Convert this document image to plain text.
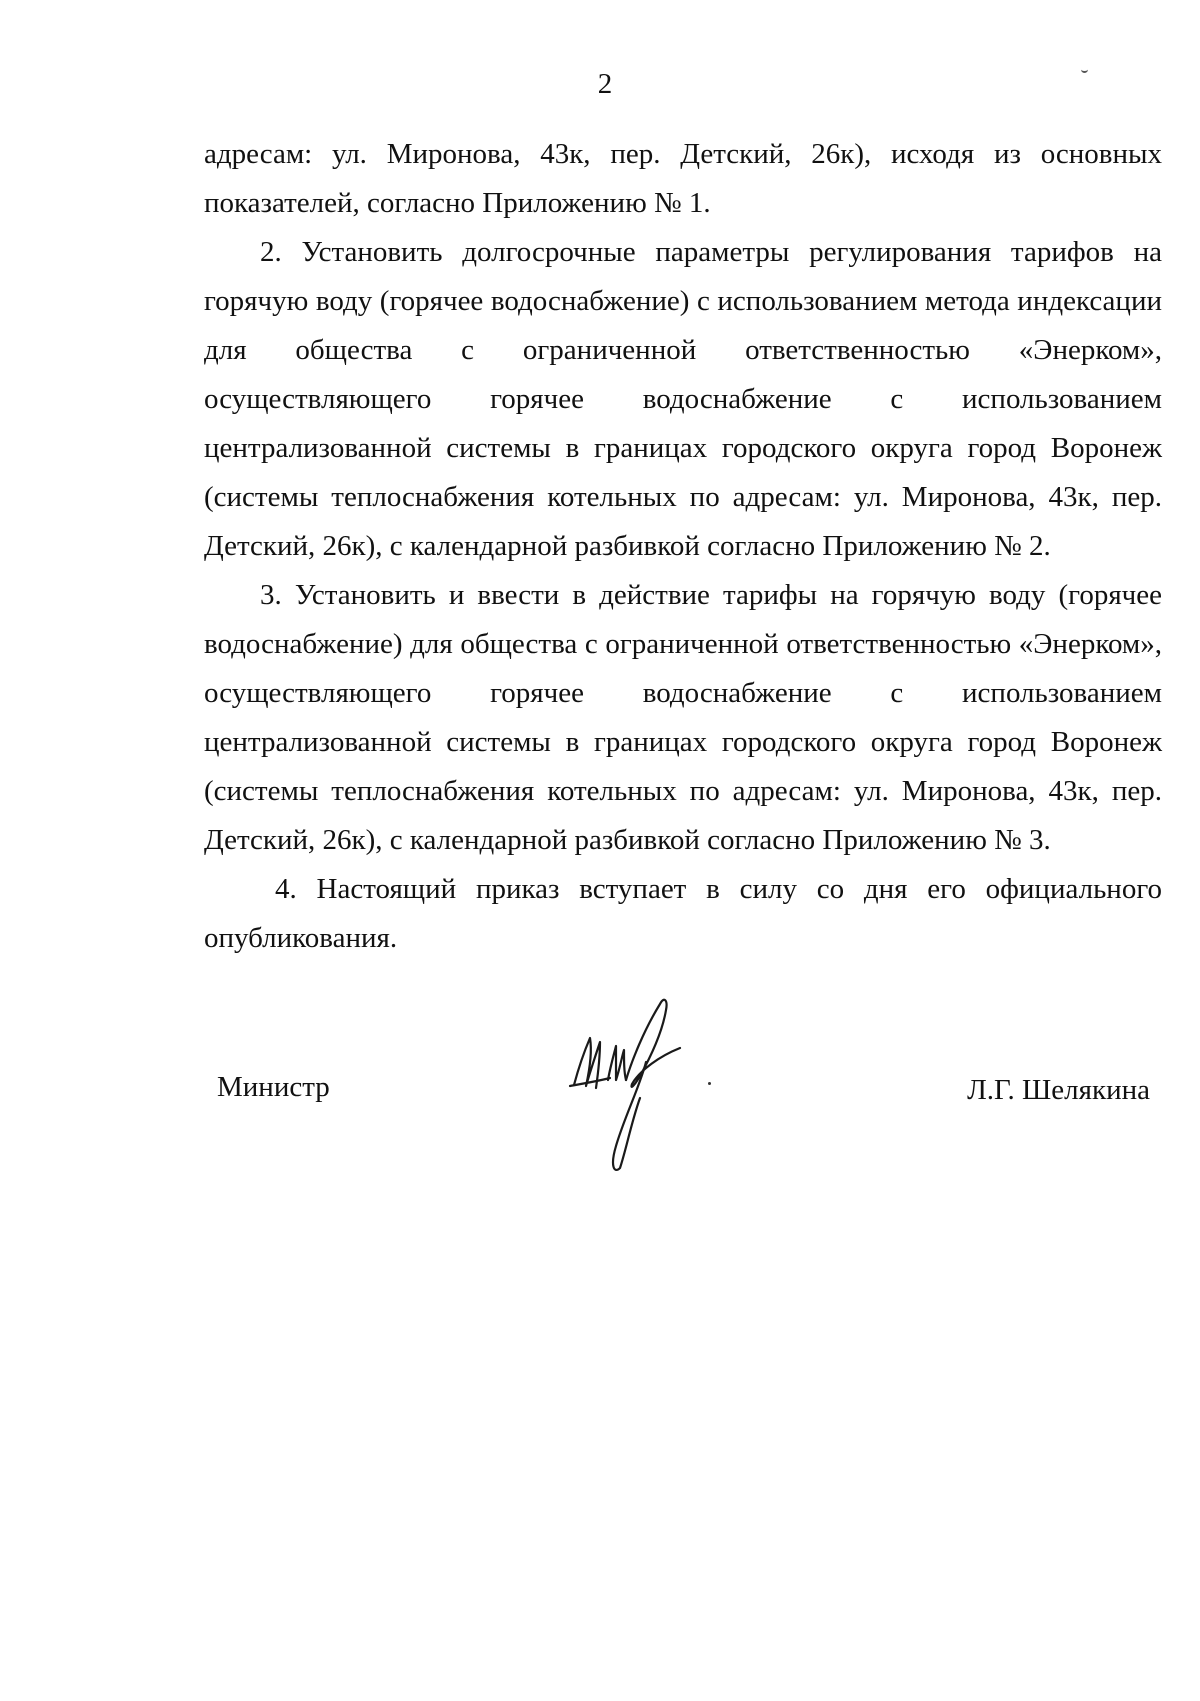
2

адресам: ул. Миронова, 43к, пер. Детский, 26к), исходя из основных показателей, согласно Приложению № 1.

2. Установить долгосрочные параметры регулирования тарифов на горячую воду (горячее водоснабжение) с использованием метода индексации для общества с ограниченной ответственностью «Энерком», осуществляющего горячее водоснабжение с использованием централизованной системы в границах городского округа город Воронеж (системы теплоснабжения котельных по адресам: ул. Миронова, 43к, пер. Детский, 26к), с календарной разбивкой согласно Приложению № 2.

3. Установить и ввести в действие тарифы на горячую воду (горячее водоснабжение) для общества с ограниченной ответственностью «Энерком», осуществляющего горячее водоснабжение с использованием централизованной системы в границах городского округа город Воронеж (системы теплоснабжения котельных по адресам: ул. Миронова, 43к, пер. Детский, 26к), с календарной разбивкой согласно Приложению № 3.

4. Настоящий приказ вступает в силу со дня его официального опубликования.

Министр	Л.Г. Шелякина
